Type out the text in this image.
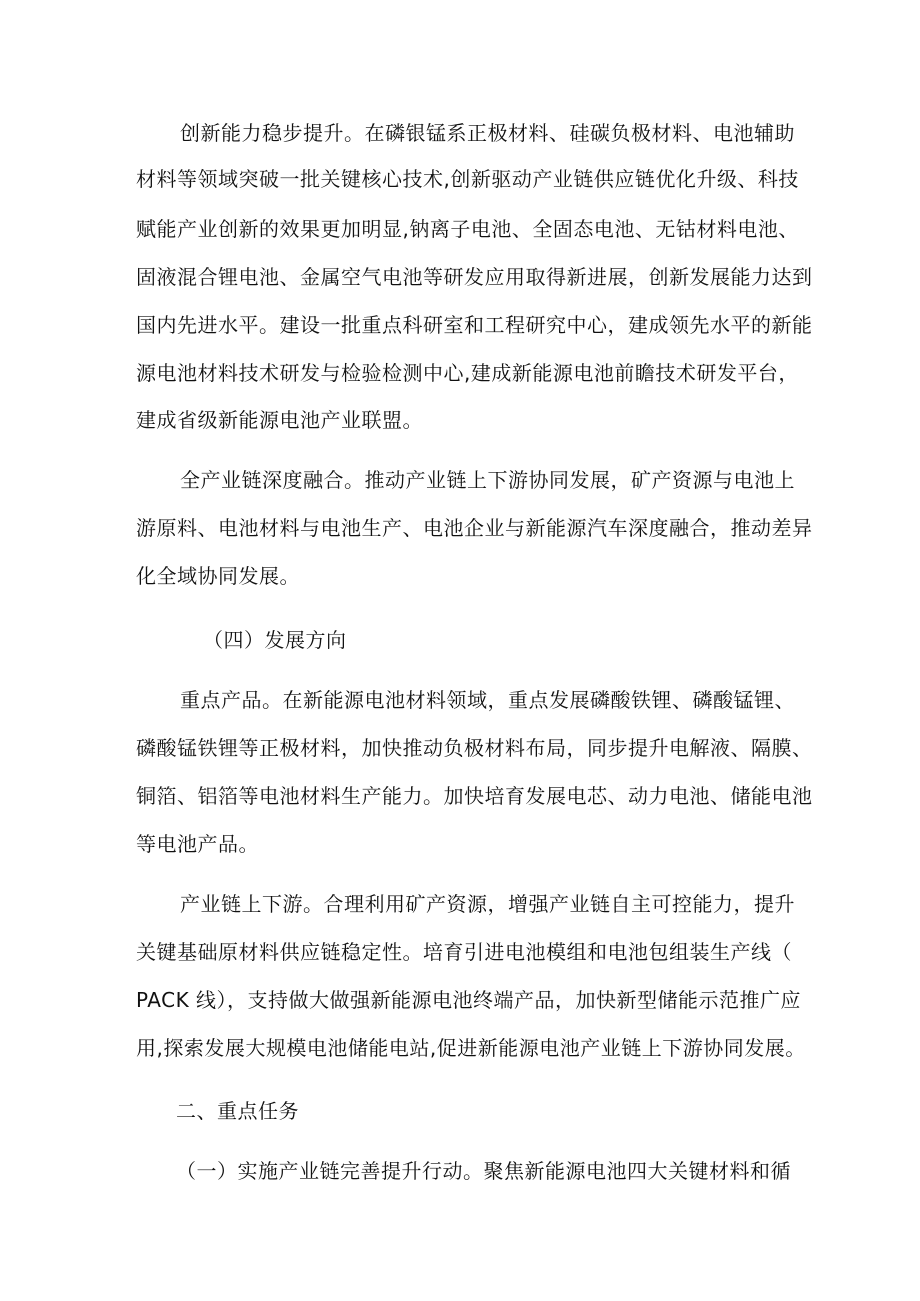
创新能力稳步提升。在磷银锰系正极材料、硅碳负极材料、电池辅助
材料等领域突破一批关键核心技术,创新驱动产业链供应链优化升级、科技
赋能产业创新的效果更加明显,钠离子电池、全固态电池、无钴材料电池、
固液混合锂电池、金属空气电池等研发应用取得新进展，创新发展能力达到
国内先进水平。建设一批重点科研室和工程研究中心，建成领先水平的新能
源电池材料技术研发与检验检测中心,建成新能源电池前瞻技术研发平台，
建成省级新能源电池产业联盟。
全产业链深度融合。推动产业链上下游协同发展，矿产资源与电池上
游原料、电池材料与电池生产、电池企业与新能源汽车深度融合，推动差异
化全域协同发展。
（四）发展方向
重点产品。在新能源电池材料领域，重点发展磷酸铁锂、磷酸锰锂、
磷酸锰铁锂等正极材料，加快推动负极材料布局，同步提升电解液、隔膜、
铜箔、铝箔等电池材料生产能力。加快培育发展电芯、动力电池、储能电池
等电池产品。
产业链上下游。合理利用矿产资源，增强产业链自主可控能力，提升
关键基础原材料供应链稳定性。培育引进电池模组和电池包组装生产线（
PACK 线），支持做大做强新能源电池终端产品，加快新型储能示范推广应
用,探索发展大规模电池储能电站,促进新能源电池产业链上下游协同发展。
二、重点任务
（一）实施产业链完善提升行动。聚焦新能源电池四大关键材料和循
